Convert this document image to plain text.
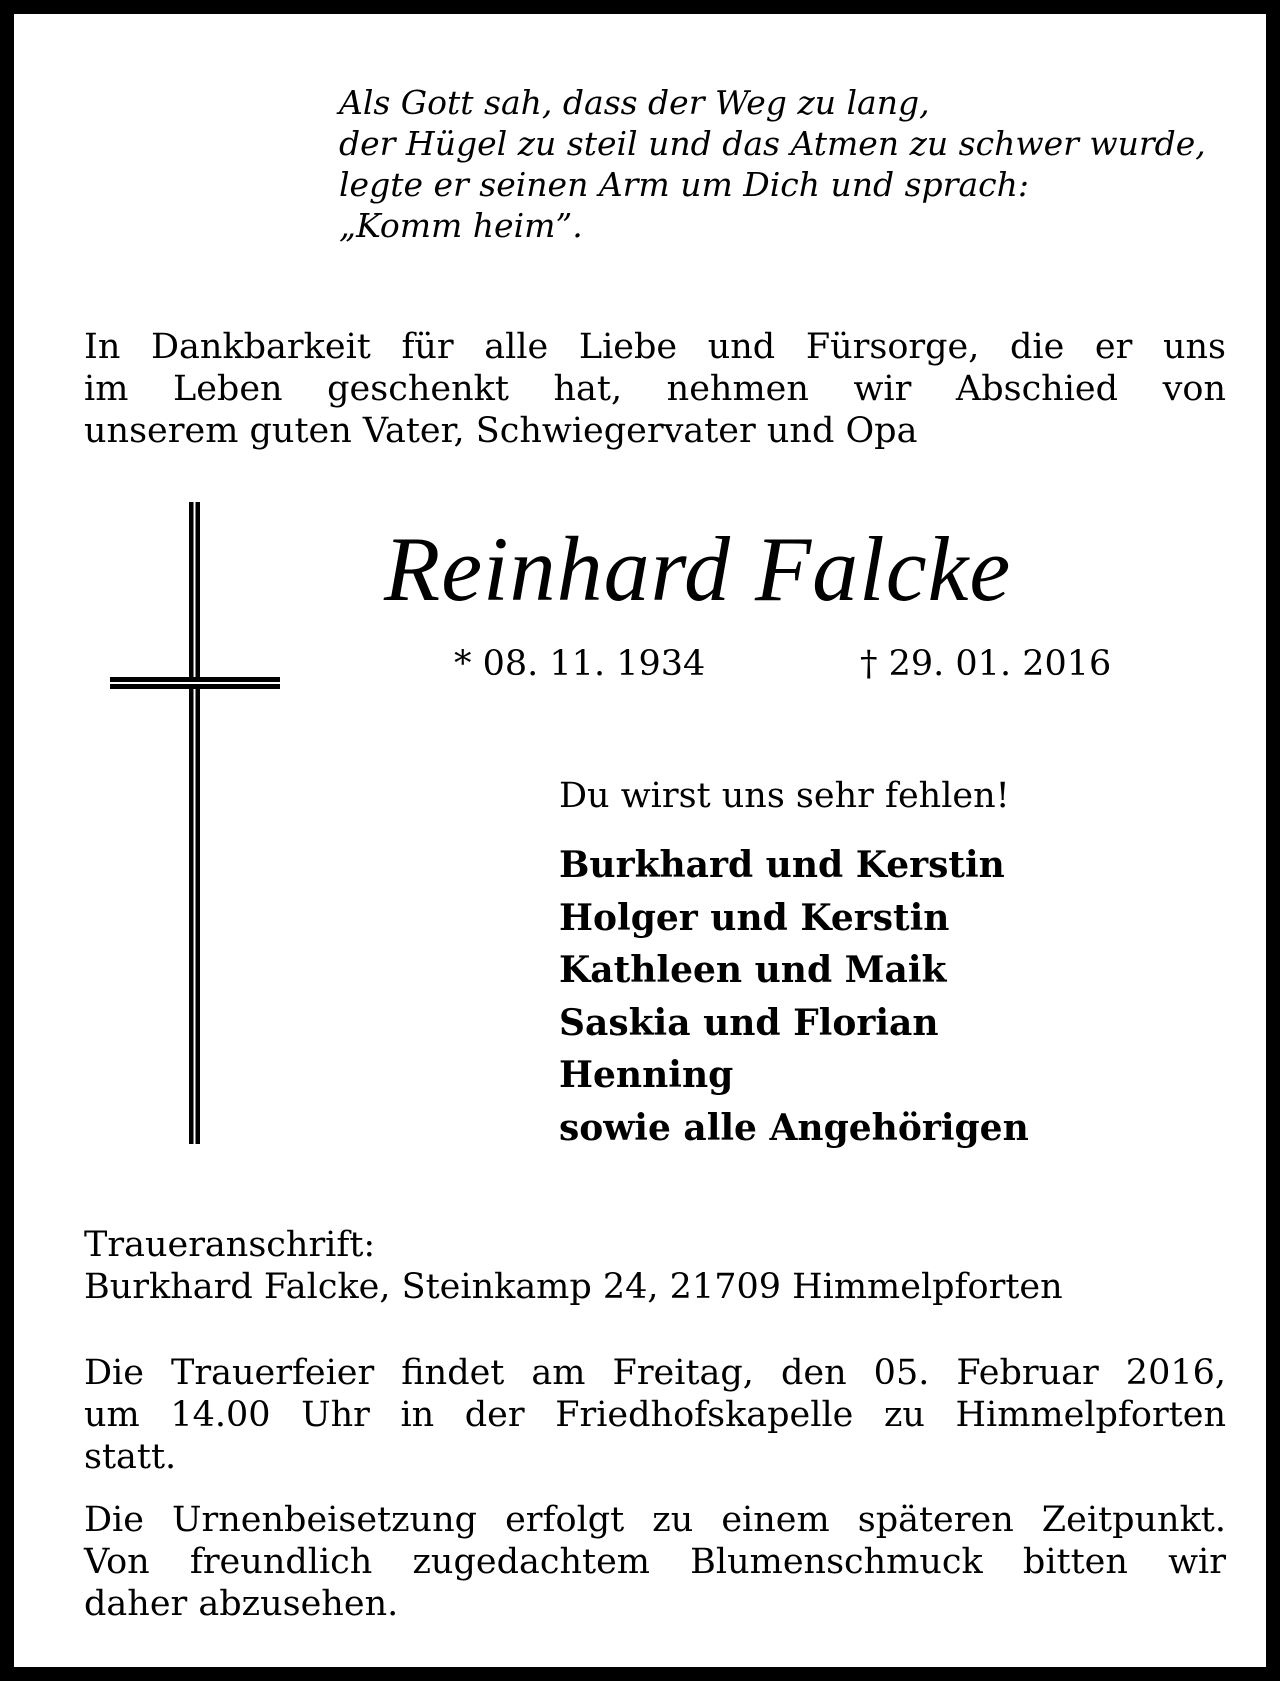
Als Gott sah, dass der Weg zu lang,
der Hügel zu steil und das Atmen zu schwer wurde,
legte er seinen Arm um Dich und sprach:
„Komm heim”.
In Dankbarkeit für alle Liebe und Fürsorge, die er uns
im Leben geschenkt hat, nehmen wir Abschied von
unserem guten Vater, Schwiegervater und Opa
Reinhard Falcke
* 08. 11. 1934	† 29. 01. 2016
Du wirst uns sehr fehlen!
Burkhard und Kerstin
Holger und Kerstin
Kathleen und Maik
Saskia und Florian
Henning
sowie alle Angehörigen
Traueranschrift:
Burkhard Falcke, Steinkamp 24, 21709 Himmelpforten
Die Trauerfeier findet am Freitag, den 05. Februar 2016,
um 14.00 Uhr in der Friedhofskapelle zu Himmelpforten
statt.
Die Urnenbeisetzung erfolgt zu einem späteren Zeitpunkt.
Von freundlich zugedachtem Blumenschmuck bitten wir
daher abzusehen.
